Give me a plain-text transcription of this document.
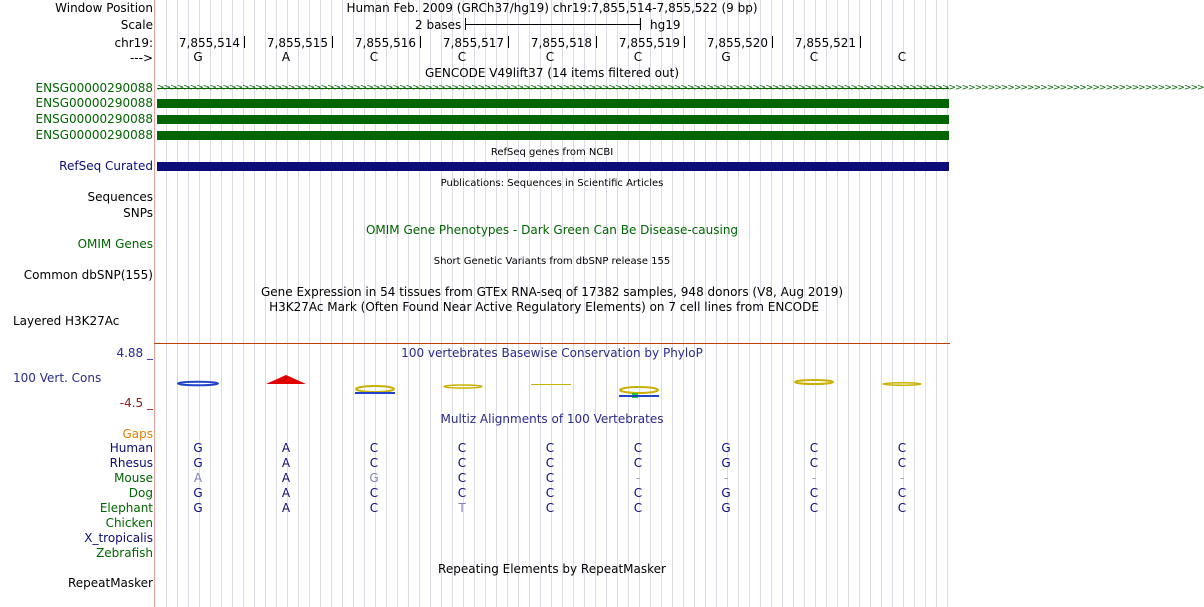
Window Position	Human Feb. 2009 (GRCh37/hg19) chr19:7,855,514-7,855,522 (9 bp)
Scale	2 bases	hg19
chr19: 7,855,514	7,855,515	7,855,516	7,855,517	7,855,518	7,855,519	7,855,520	7,855,521
--->	G	A	C	C	C	C	G	C	C
GENCODE V49lift37 (14 items filtered out)
ENSG00000290088 >>>>>>>>>>>>>>>>>>>>>>>>>>>>>>>>>>>>>>>>>>>>>>>>>>>>>>>>>>>>>>>>>>>>>>>>>>>>>>>>>>>>>>>>>>>>>>>>>>>>>>>>>>>>>>>>>>>>>>>>>>>>>>>>>>>>>>>>>>>>>>>>>>>>>>>>>>>>>>>>
ENSG00000290088
ENSG00000290088
ENSG00000290088
RefSeq genes from NCBI
RefSeq Curated
Publications: Sequences in Scientific Articles
Sequences
SNPs
OMIM Gene Phenotypes - Dark Green Can Be Disease-causing
OMIM Genes
Short Genetic Variants from dbSNP release 155
Common dbSNP(155)
Gene Expression in 54 tissues from GTEx RNA-seq of 17382 samples, 948 donors (V8, Aug 2019)
H3K27Ac Mark (Often Found Near Active Regulatory Elements) on 7 cell lines from ENCODE
Layered H3K27Ac
100 vertebrates Basewise Conservation by PhyloP
4.88 _
100 Vert. Cons
-4.5 _
Multiz Alignments of 100 Vertebrates
Gaps
Human	G	A	C	C	C	C	G	C	C
Rhesus	G	A	C	C	C	C	G	C	C
Mouse	A	A	G	C	C	-	-	-	-
Dog	G	A	C	C	C	C	G	C	C
Elephant	G	A	C	T	C	C	G	C	C
Chicken
X_tropicalis
Zebrafish
Repeating Elements by RepeatMasker
RepeatMasker
